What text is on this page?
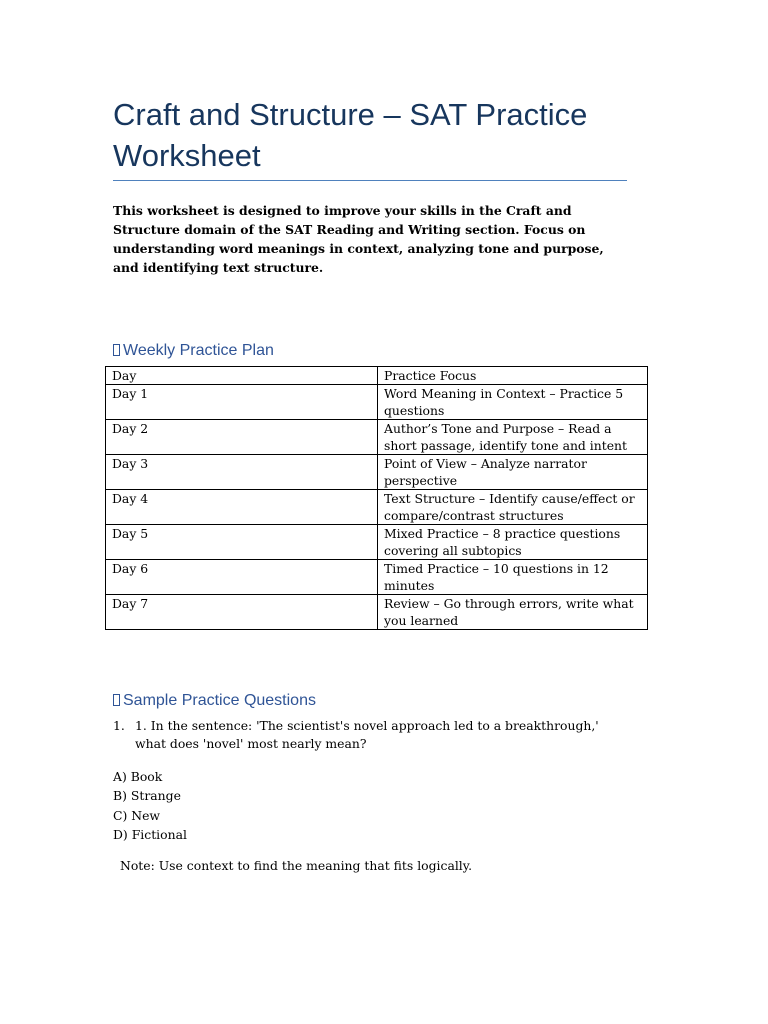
Craft and Structure – SAT Practice Worksheet

This worksheet is designed to improve your skills in the Craft and Structure domain of the SAT Reading and Writing section. Focus on understanding word meanings in context, analyzing tone and purpose, and identifying text structure.

Weekly Practice Plan
Day	Practice Focus
Day 1	Word Meaning in Context – Practice 5 questions
Day 2	Author’s Tone and Purpose – Read a short passage, identify tone and intent
Day 3	Point of View – Analyze narrator perspective
Day 4	Text Structure – Identify cause/effect or compare/contrast structures
Day 5	Mixed Practice – 8 practice questions covering all subtopics
Day 6	Timed Practice – 10 questions in 12 minutes
Day 7	Review – Go through errors, write what you learned
Sample Practice Questions
1. 1. In the sentence: 'The scientist's novel approach led to a breakthrough,' what does 'novel' most nearly mean?
A) Book
B) Strange
C) New
D) Fictional
Note: Use context to find the meaning that fits logically.
